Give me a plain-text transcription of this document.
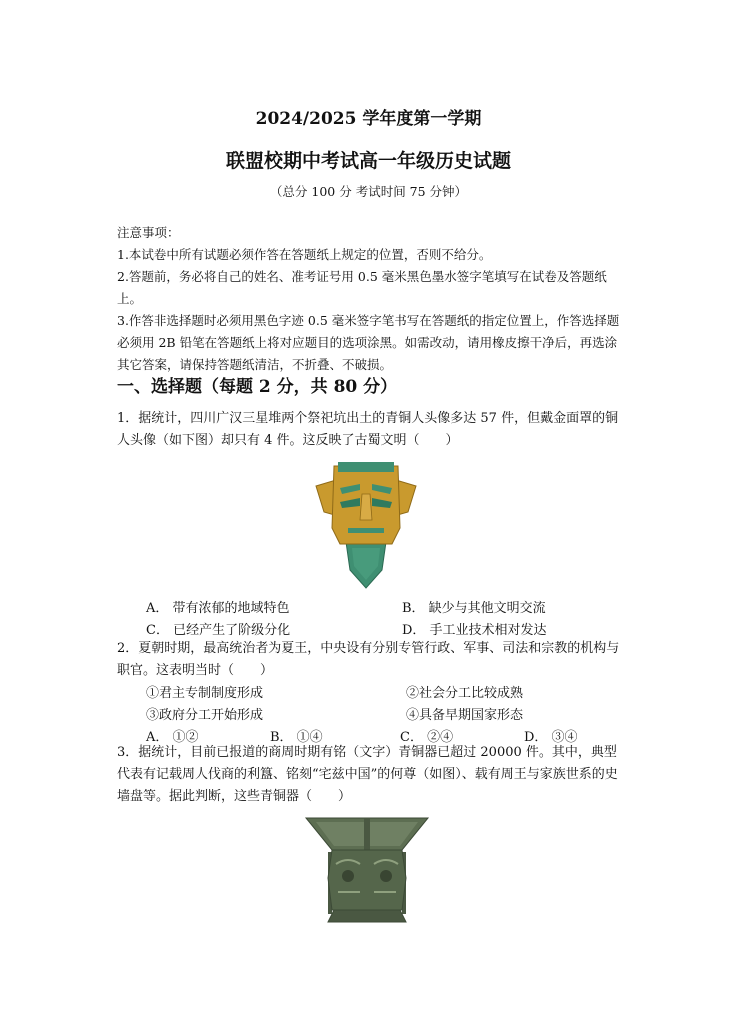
2024/2025 学年度第一学期
联盟校期中考试高一年级历史试题
（总分 100 分 考试时间 75 分钟）

注意事项：

1.本试卷中所有试题必须作答在答题纸上规定的位置，否则不给分。

2.答题前，务必将自己的姓名、准考证号用 0.5 毫米黑色墨水签字笔填写在试卷及答题纸上。

3.作答非选择题时必须用黑色字迹 0.5 毫米签字笔书写在答题纸的指定位置上，作答选择题必须用 2B 铅笔在答题纸上将对应题目的选项涂黑。如需改动，请用橡皮擦干净后，再选涂其它答案，请保持答题纸清洁，不折叠、不破损。

一、选择题（每题 2 分，共 80 分）

1．据统计，四川广汉三星堆两个祭祀坑出土的青铜人头像多达 57 件，但戴金面罩的铜人头像（如下图）却只有 4 件。这反映了古蜀文明（　　）

A． 带有浓郁的地域特色	B． 缺少与其他文明交流
C． 已经产生了阶级分化	D． 手工业技术相对发达

2．夏朝时期，最高统治者为夏王，中央设有分别专管行政、军事、司法和宗教的机构与职官。这表明当时（　　）

①君主专制制度形成	②社会分工比较成熟
③政府分工开始形成	④具备早期国家形态
A． ①②	B． ①④	C． ②④	D． ③④

3．据统计，目前已报道的商周时期有铭（文字）青铜器已超过 20000 件。其中，典型代表有记载周人伐商的利簋、铭刻“宅兹中国”的何尊（如图）、载有周王与家族世系的史墙盘等。据此判断，这些青铜器（　　）
